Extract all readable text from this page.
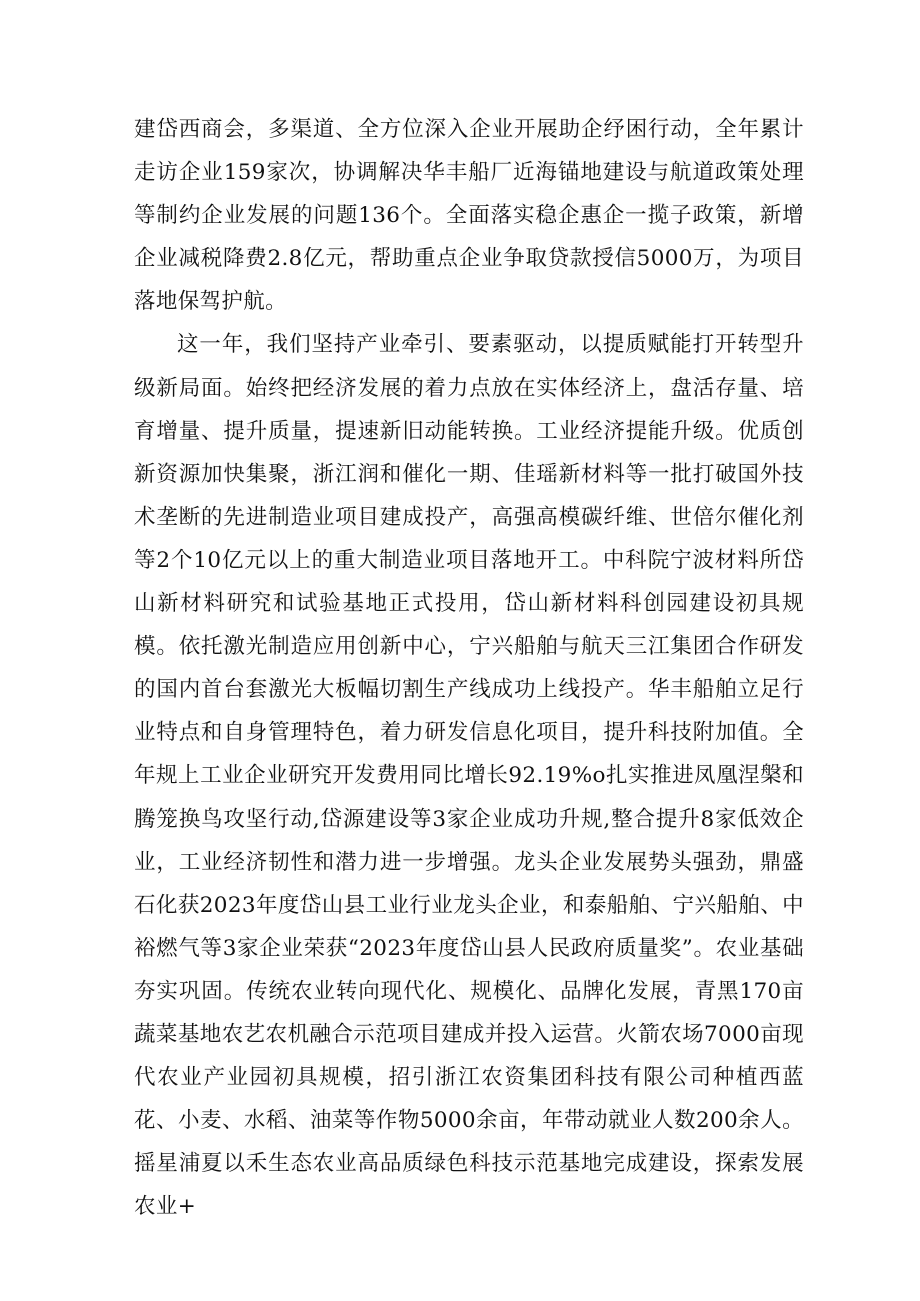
建岱西商会，多渠道、全方位深入企业开展助企纾困行动，全年累计走访企业159家次，协调解决华丰船厂近海锚地建设与航道政策处理等制约企业发展的问题136个。全面落实稳企惠企一揽子政策，新增企业减税降费2.8亿元，帮助重点企业争取贷款授信5000万，为项目落地保驾护航。

这一年，我们坚持产业牵引、要素驱动，以提质赋能打开转型升级新局面。始终把经济发展的着力点放在实体经济上，盘活存量、培育增量、提升质量，提速新旧动能转换。工业经济提能升级。优质创新资源加快集聚，浙江润和催化一期、佳瑶新材料等一批打破国外技术垄断的先进制造业项目建成投产，高强高模碳纤维、世倍尔催化剂等2个10亿元以上的重大制造业项目落地开工。中科院宁波材料所岱山新材料研究和试验基地正式投用，岱山新材料科创园建设初具规模。依托激光制造应用创新中心，宁兴船舶与航天三江集团合作研发的国内首台套激光大板幅切割生产线成功上线投产。华丰船舶立足行业特点和自身管理特色，着力研发信息化项目，提升科技附加值。全年规上工业企业研究开发费用同比增长92.19%o扎实推进凤凰涅槃和腾笼换鸟攻坚行动,岱源建设等3家企业成功升规,整合提升8家低效企业，工业经济韧性和潜力进一步增强。龙头企业发展势头强劲，鼎盛石化获2023年度岱山县工业行业龙头企业，和泰船舶、宁兴船舶、中裕燃气等3家企业荣获“2023年度岱山县人民政府质量奖”。农业基础夯实巩固。传统农业转向现代化、规模化、品牌化发展，青黑170亩蔬菜基地农艺农机融合示范项目建成并投入运营。火箭农场7000亩现代农业产业园初具规模，招引浙江农资集团科技有限公司种植西蓝花、小麦、水稻、油菜等作物5000余亩，年带动就业人数200余人。摇星浦夏以禾生态农业高品质绿色科技示范基地完成建设，探索发展农业+
